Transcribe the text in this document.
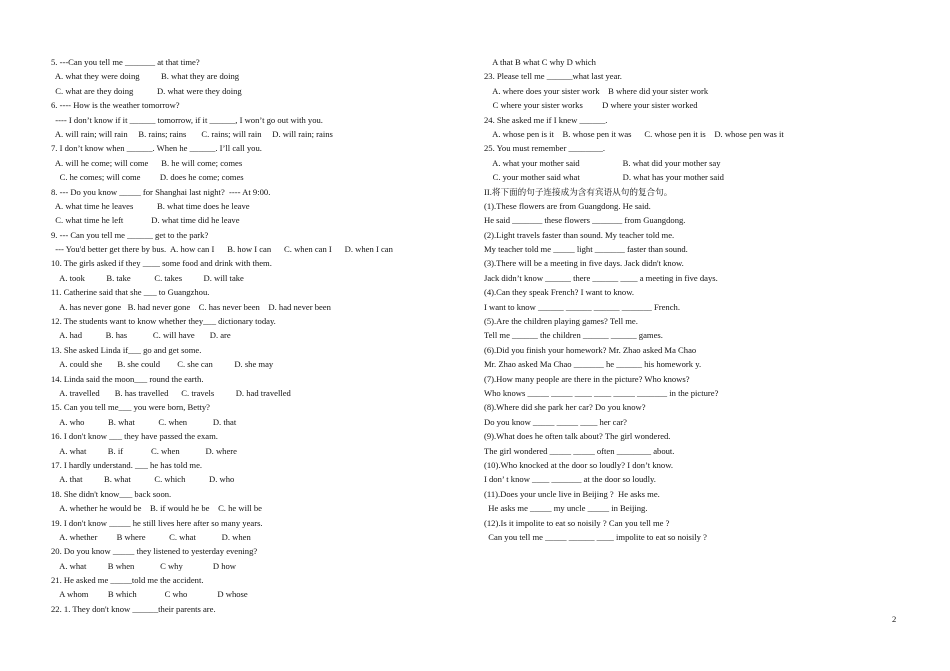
5. ---Can you tell me _______ at that time?
A. what they were doing          B. what they are doing
C. what are they doing           D. what were they doing
6. ---- How is the weather tomorrow?
---- I don’t know if it ______ tomorrow, if it ______, I won’t go out with you.
A. will rain; will rain     B. rains; rains       C. rains; will rain     D. will rain; rains
7. I don’t know when ______. When he ______. I’ll call you.
A. will he come; will come      B. he will come; comes
C. he comes; will come         D. does he come; comes
8. --- Do you know _____ for Shanghai last night?  ---- At 9:00.
A. what time he leaves           B. what time does he leave
C. what time he left             D. what time did he leave
9. --- Can you tell me ______ get to the park?
--- You'd better get there by bus.  A. how can I      B. how I can      C. when can I      D. when I can
10. The girls asked if they ____ some food and drink with them.
A. took          B. take           C. takes          D. will take
11. Catherine said that she ___ to Guangzhou.
A. has never gone   B. had never gone    C. has never been    D. had never been
12. The students want to know whether they___ dictionary today.
A. had           B. has            C. will have       D. are
13. She asked Linda if___ go and get some.
A. could she       B. she could        C. she can          D. she may
14. Linda said the moon___ round the earth.
A. travelled       B. has travelled      C. travels          D. had travelled
15. Can you tell me___ you were born, Betty?
A. who           B. what           C. when            D. that
16. I don't know ___ they have passed the exam.
A. what          B. if             C. when            D. where
17. I hardly understand. ___ he has told me.
A. that          B. what           C. which           D. who
18. She didn't know___ back soon.
A. whether he would be    B. if would he be    C. he will be
19. I don't know _____ he still lives here after so many years.
A. whether         B where           C. what            D. when
20. Do you know _____ they listened to yesterday evening?
A. what          B when            C why              D how
21. He asked me _____told me the accident.
A whom         B which             C who              D whose
22. 1. They don't know ______their parents are.
A that B what C why D which
23. Please tell me ______what last year.
A. where does your sister work    B where did your sister work
C where your sister works         D where your sister worked
24. She asked me if I knew ______.
A. whose pen is it    B. whose pen it was      C. whose pen it is    D. whose pen was it
25. You must remember ________.
A. what your mother said                    B. what did your mother say
C. your mother said what                    D. what has your mother said
II.将下面的句子连接成为含有宾语从句的复合句。
(1).These flowers are from Guangdong. He said.
He said _______ these flowers _______ from Guangdong.
(2).Light travels faster than sound. My teacher told me.
My teacher told me _____ light _______ faster than sound.
(3).There will be a meeting in five days. Jack didn't know.
Jack didn’t know ______ there ______ ____ a meeting in five days.
(4).Can they speak French? I want to know.
I want to know ______ ______ ______ _______ French.
(5).Are the children playing games? Tell me.
Tell me ______ the children ______ ______ games.
(6).Did you finish your homework? Mr. Zhao asked Ma Chao
Mr. Zhao asked Ma Chao _______ he ______ his homework y.
(7).How many people are there in the picture? Who knows?
Who knows _____ _____ ____ ____ _____ _______ in the picture?
(8).Where did she park her car? Do you know?
Do you know _____ _____ ____ her car?
(9).What does he often talk about? The girl wondered.
The girl wondered _____ _____ often ________ about.
(10).Who knocked at the door so loudly? I don’t know.
I don’ t know ____ _______ at the door so loudly.
(11).Does your uncle live in Beijing ?  He asks me.
He asks me _____ my uncle _____ in Beijing.
(12).Is it impolite to eat so noisily ? Can you tell me ?
Can you tell me _____ ______ ____ impolite to eat so noisily ?
2
